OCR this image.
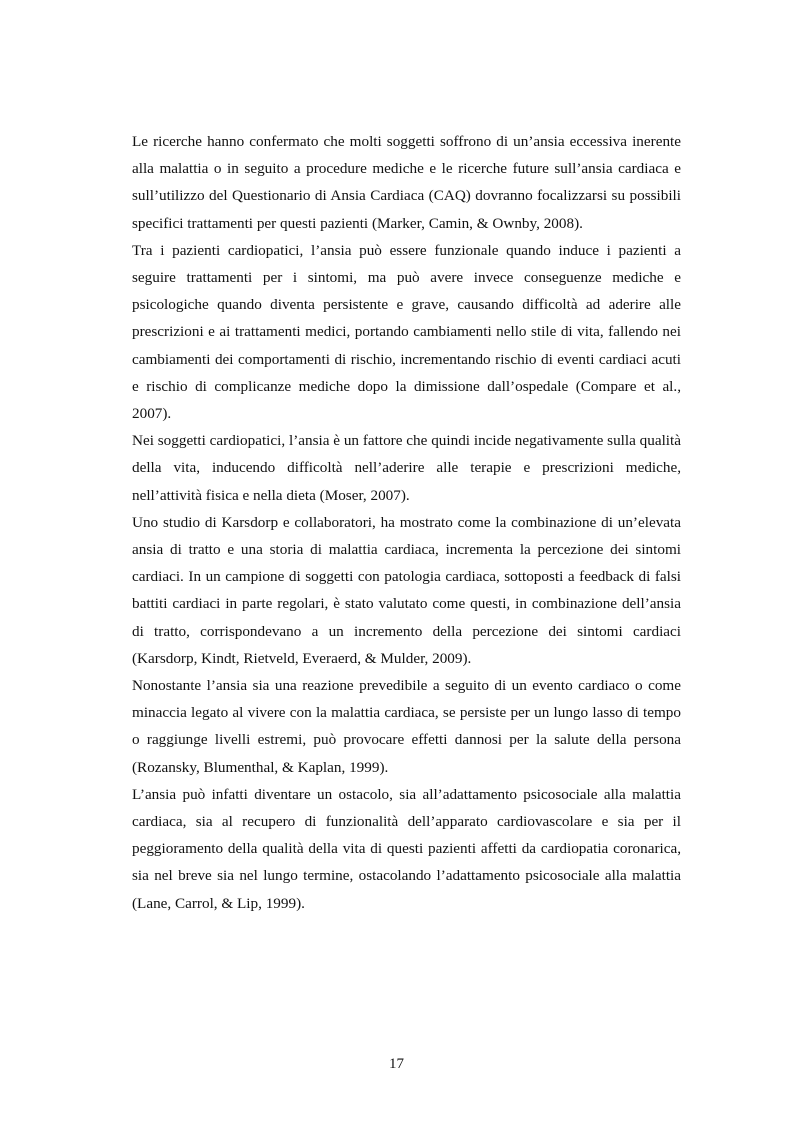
Le ricerche hanno confermato che molti soggetti soffrono di un’ansia eccessiva inerente alla malattia o in seguito a procedure mediche e le ricerche future sull’ansia cardiaca e sull’utilizzo del Questionario di Ansia Cardiaca (CAQ) dovranno focalizzarsi su possibili specifici trattamenti per questi pazienti (Marker, Camin, & Ownby, 2008).

Tra i pazienti cardiopatici, l’ansia può essere funzionale quando induce i pazienti a seguire trattamenti per i sintomi, ma può avere invece conseguenze mediche e psicologiche quando diventa persistente e grave, causando difficoltà ad aderire alle prescrizioni e ai trattamenti medici, portando cambiamenti nello stile di vita, fallendo nei cambiamenti dei comportamenti di rischio, incrementando rischio di eventi cardiaci acuti e rischio di complicanze mediche dopo la dimissione dall’ospedale (Compare et al., 2007).

Nei soggetti cardiopatici, l’ansia è un fattore che quindi incide negativamente sulla qualità della vita, inducendo difficoltà nell’aderire alle terapie e prescrizioni mediche, nell’attività fisica e nella dieta (Moser, 2007).

Uno studio di Karsdorp e collaboratori, ha mostrato come la combinazione di un’elevata ansia di tratto e una storia di malattia cardiaca, incrementa la percezione dei sintomi cardiaci. In un campione di soggetti con patologia cardiaca, sottoposti a feedback di falsi battiti cardiaci in parte regolari, è stato valutato come questi, in combinazione dell’ansia di tratto, corrispondevano a un incremento della percezione dei sintomi cardiaci (Karsdorp, Kindt, Rietveld, Everaerd, & Mulder, 2009).

Nonostante l’ansia sia una reazione prevedibile a seguito di un evento cardiaco o come minaccia legato al vivere con la malattia cardiaca, se persiste per un lungo lasso di tempo o raggiunge livelli estremi, può provocare effetti dannosi per la salute della persona (Rozansky, Blumenthal, & Kaplan, 1999).

L’ansia può infatti diventare un ostacolo, sia all’adattamento psicosociale alla malattia cardiaca, sia al recupero di funzionalità dell’apparato cardiovascolare e sia per il peggioramento della qualità della vita di questi pazienti affetti da cardiopatia coronarica, sia nel breve sia nel lungo termine, ostacolando l’adattamento psicosociale alla malattia (Lane, Carrol, & Lip, 1999).

17
